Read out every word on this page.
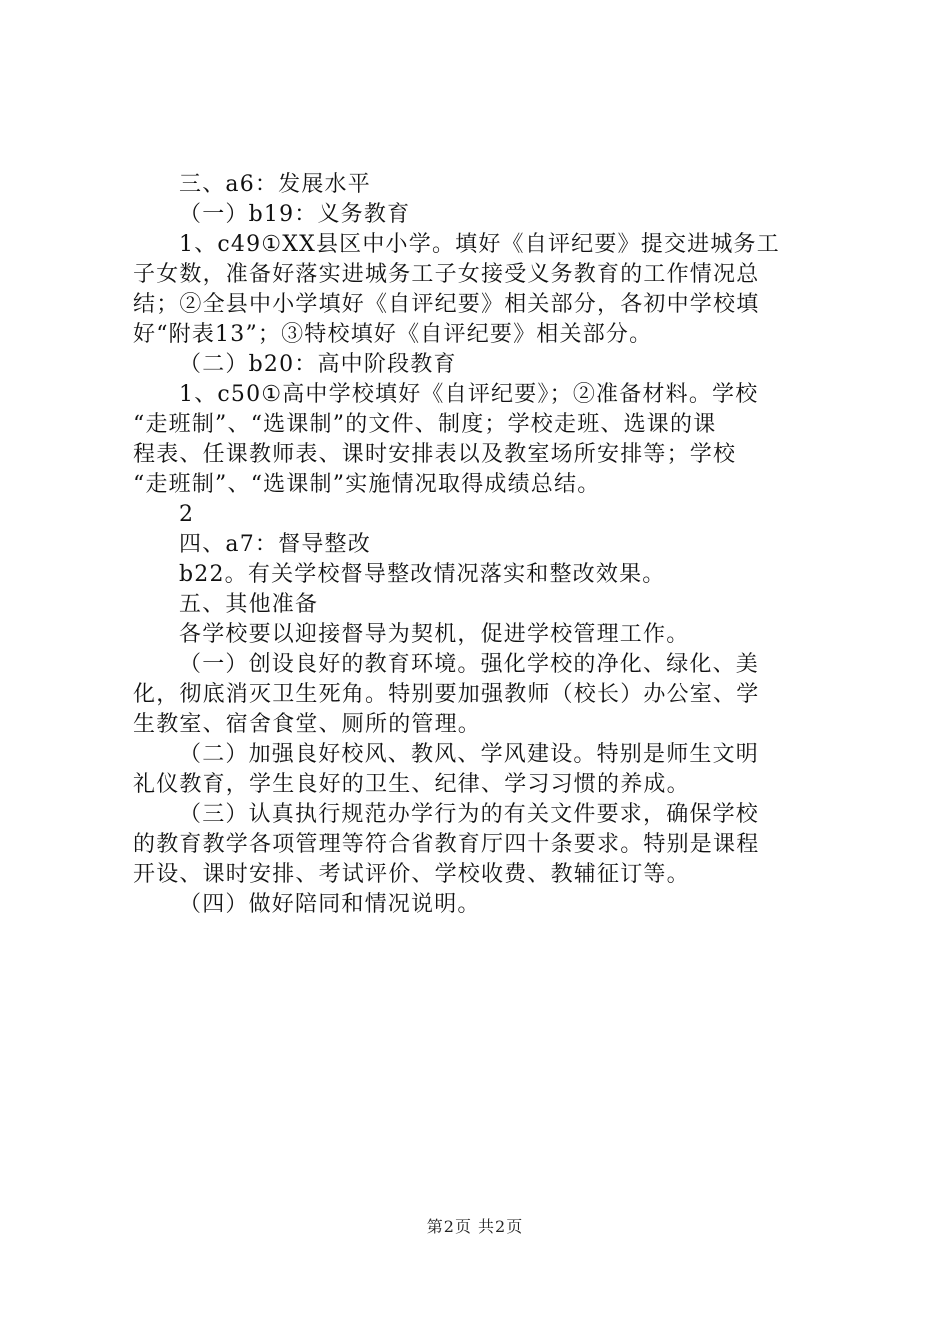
三、a6：发展水平

（一）b19：义务教育

1、c49①XX县区中小学。填好《自评纪要》提交进城务工

子女数，准备好落实进城务工子女接受义务教育的工作情况总

结；②全县中小学填好《自评纪要》相关部分，各初中学校填

好“附表13”；③特校填好《自评纪要》相关部分。

（二）b20：高中阶段教育

1、c50①高中学校填好《自评纪要》；②准备材料。学校

“走班制”、“选课制”的文件、制度；学校走班、选课的课

程表、任课教师表、课时安排表以及教室场所安排等；学校

“走班制”、“选课制”实施情况取得成绩总结。

2

四、a7：督导整改

b22。有关学校督导整改情况落实和整改效果。

五、其他准备

各学校要以迎接督导为契机，促进学校管理工作。

（一）创设良好的教育环境。强化学校的净化、绿化、美

化，彻底消灭卫生死角。特别要加强教师（校长）办公室、学

生教室、宿舍食堂、厕所的管理。

（二）加强良好校风、教风、学风建设。特别是师生文明

礼仪教育，学生良好的卫生、纪律、学习习惯的养成。

（三）认真执行规范办学行为的有关文件要求，确保学校

的教育教学各项管理等符合省教育厅四十条要求。特别是课程

开设、课时安排、考试评价、学校收费、教辅征订等。

（四）做好陪同和情况说明。

第2页 共2页
